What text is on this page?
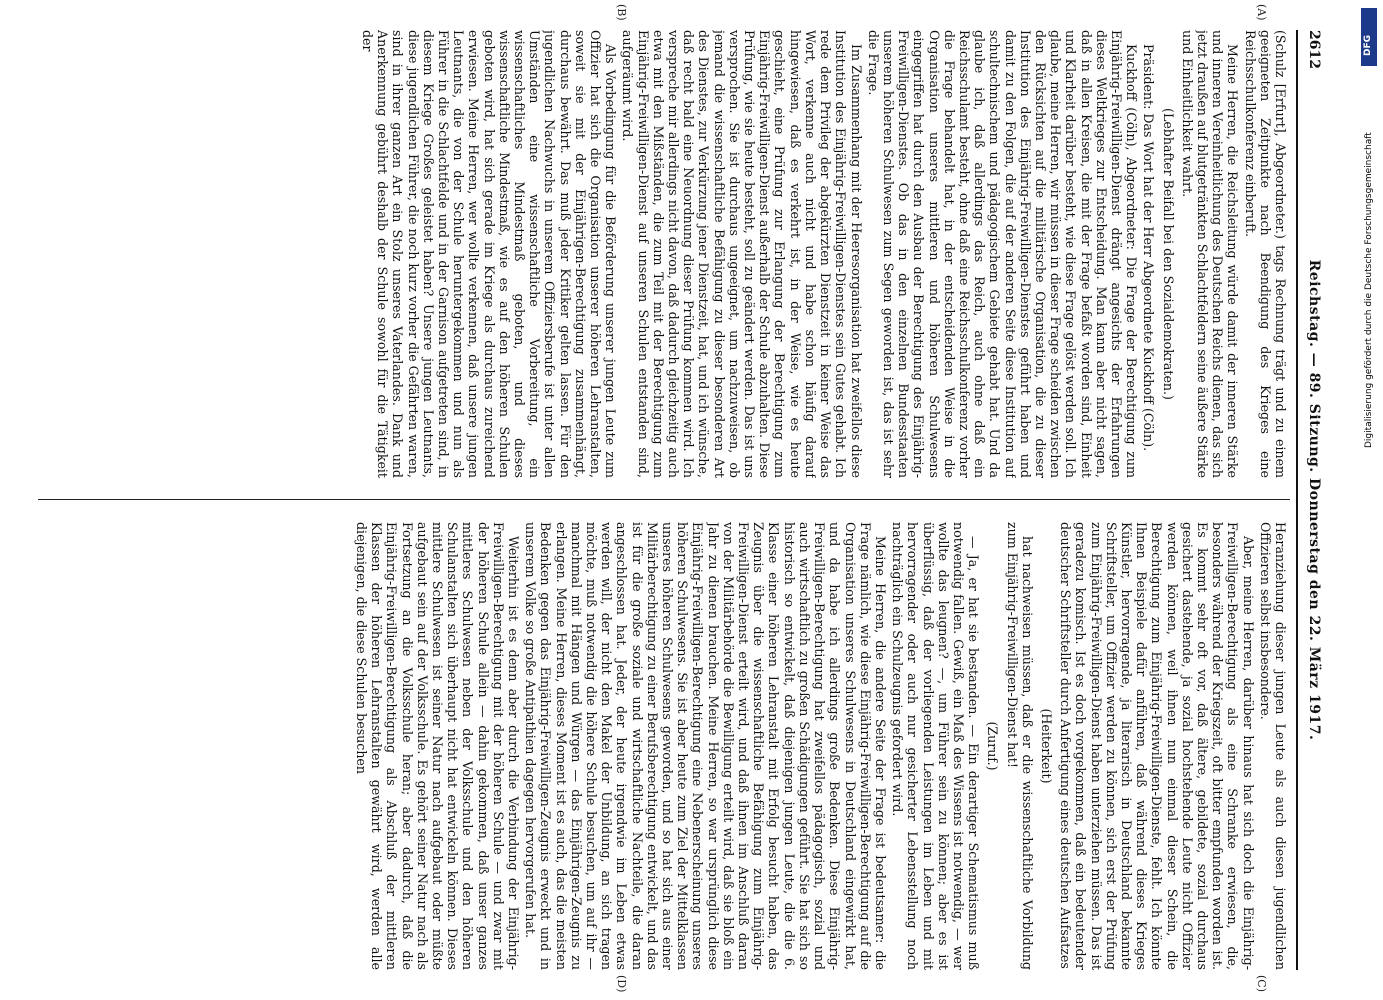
2612
Reichstag. — 89. Sitzung. Donnerstag den 22. März 1917.
(A)
(B)
(C)
(D)

(Schulz [Erfurt], Abgeordneter.) tags Rechnung trägt und zu einem geeigneten Zeitpunkte nach Beendigung des Krieges eine Reichsschulkonferenz einberuft.

Meine Herren, die Reichsleitung würde damit der inneren Stärke und inneren Vereinheitlichung des Deutschen Reichs dienen, das sich jetzt draußen auf blutgetränkten Schlachtfeldern seine äußere Stärke und Einheitlichkeit wahrt.

(Lebhafter Beifall bei den Sozialdemokraten.)

Präsident: Das Wort hat der Herr Abgeordnete Kuckhoff (Cöln).

Kuckhoff (Cöln), Abgeordneter: Die Frage der Berechtigung zum Einjährig-Freiwilligen-Dienst drängt angesichts der Erfahrungen dieses Weltkrieges zur Entscheidung. Man kann aber nicht sagen, daß in allen Kreisen, die mit der Frage befaßt worden sind, Einheit und Klarheit darüber besteht, wie diese Frage gelöst werden soll. Ich glaube, meine Herren, wir müssen in dieser Frage scheiden zwischen den Rücksichten auf die militärische Organisation, die zu dieser Institution des Einjährig-Freiwilligen-Dienstes geführt haben und damit zu den Folgen, die auf der anderen Seite diese Institution auf schultechnischem und pädagogischem Gebiete gehabt hat. Und da glaube ich, daß allerdings das Reich, auch ohne daß ein Reichsschulamt besteht, ohne daß eine Reichsschulkonferenz vorher die Frage behandelt hat, in der entscheidenden Weise in die Organisation unseres mittleren und höheren Schulwesens eingegriffen hat durch den Ausbau der Berechtigung des Einjährig-Freiwilligen-Dienstes. Ob das in den einzelnen Bundesstaaten unserem höheren Schulwesen zum Segen geworden ist, das ist sehr die Frage.

Im Zusammenhang mit der Heeresorganisation hat zweifellos diese Institution des Einjährig-Freiwilligen-Dienstes sein Gutes gehabt. Ich rede dem Privileg der abgekürzten Dienstzeit in keiner Weise das Wort, verkenne auch nicht und habe schon häufig darauf hingewiesen, daß es verkehrt ist, in der Weise, wie es heute geschieht, eine Prüfung zur Erlangung der Berechtigung zum Einjährig-Freiwilligen-Dienst außerhalb der Schule abzuhalten. Diese Prüfung, wie sie heute besteht, soll zu geändert werden. Das ist uns versprochen. Sie ist durchaus ungeeignet, um nachzuweisen, ob jemand die wissenschaftliche Befähigung zu dieser besonderen Art des Dienstes, zur Verkürzung jener Dienstzeit, hat, und ich wünsche, daß recht bald eine Neuordnung dieser Prüfung kommen wird. Ich verspreche mir allerdings nicht davon, daß dadurch gleichzeitig auch etwa mit den Mißständen, die zum Teil mit der Berechtigung zum Einjährig-Freiwilligen-Dienst auf unseren Schulen entstanden sind, aufgeräumt wird.

Als Vorbedingung für die Beförderung unserer jungen Leute zum Offizier hat sich die Organisation unserer höheren Lehranstalten, soweit sie mit der Einjährigen-Berechtigung zusammenhängt, durchaus bewährt. Das muß jeder Kritiker gelten lassen. Für den jugendlichen Nachwuchs in unserem Offiziersberufe ist unter allen Umständen eine wissenschaftliche Vorbereitung, ein wissenschaftliches Mindestmaß geboten, und dieses wissenschaftliche Mindestmaß, wie es auf den höheren Schulen geboten wird, hat sich gerade im Kriege als durchaus zureichend erwiesen. Meine Herren, wer wollte verkennen, daß unsere jungen Leutnants, die von der Schule heruntergekommen und nun als Führer in die Schlachtfelde und in der Garnison aufgetreten sind, in diesem Kriege Großes geleistet haben? Unsere jungen Leutnants, diese jugendlichen Führer, die noch kurz vorher die Gefährten waren, sind in ihrer ganzen Art ein Stolz unseres Vaterlandes. Dank und Anerkennung gebührt deshalb der Schule sowohl für die Tätigkeit der

Heranziehung dieser jungen Leute als auch diesen jugendlichen Offizieren selbst insbesondere.

Aber, meine Herren, darüber hinaus hat sich doch die Einjährig-Freiwilligen-Berechtigung als eine Schranke erwiesen, die, besonders während der Kriegszeit, oft bitter empfunden worden ist. Es kommt sehr oft vor, daß ältere, gebildete, sozial durchaus gesichert dastehende, ja sozial hochstehende Leute nicht Offizier werden können, weil ihnen nun einmal dieser Schein, die Berechtigung zum Einjährig-Freiwilligen-Dienste, fehlt. Ich könnte Ihnen Beispiele dafür anführen, daß während dieses Krieges Künstler, hervorragende, ja literarisch in Deutschland bekannte Schriftsteller, um Offizier werden zu können, sich erst der Prüfung zum Einjährig-Freiwilligen-Dienst haben unterziehen müssen. Das ist geradezu komisch. Ist es doch vorgekommen, daß ein bedeutender deutscher Schriftsteller durch Anfertigung eines deutschen Aufsatzes

(Heiterkeit)

hat nachweisen müssen, daß er die wissenschaftliche Vorbildung zum Einjährig-Freiwilligen-Dienst hat!

(Zuruf.)

— Ja, er hat sie bestanden. — Ein derartiger Schematismus muß notwendig fallen. Gewiß, ein Maß des Wissens ist notwendig, — wer wollte das leugnen? —, um Führer sein zu können; aber es ist überflüssig, daß der vorliegenden Leistungen im Leben und mit hervorragender oder auch nur gesicherter Lebensstellung noch nachträglich ein Schulzeugnis gefordert wird.

Meine Herren, die andere Seite der Frage ist bedeutsamer: die Frage nämlich, wie diese Einjährig-Freiwilligen-Berechtigung auf die Organisation unseres Schulwesens in Deutschland eingewirkt hat, und da habe ich allerdings große Bedenken. Diese Einjährig-Freiwilligen-Berechtigung hat zweifellos pädagogisch, sozial und auch wirtschaftlich zu großen Schädigungen geführt. Sie hat sich so historisch so entwickelt, daß diejenigen jungen Leute, die die 6. Klasse einer höheren Lehranstalt mit Erfolg besucht haben, das Zeugnis über die wissenschaftliche Befähigung zum Einjährig-Freiwilligen-Dienst erteilt wird, und daß ihnen im Anschluß daran von der Militärbehörde die Bewilligung erteilt wird, daß sie bloß ein Jahr zu dienen brauchen. Meine Herren, so war ursprünglich diese Einjährig-Freiwilligen-Berechtigung eine Nebenerscheinung unseres höheren Schulwesens. Sie ist aber heute zum Ziel der Mittelklassen unseres höheren Schulwesens geworden, und so hat sich aus einer Militärberechtigung zu einer Berufsberechtigung entwickelt, und das ist für die große soziale und wirtschaftliche Nachteile, die daran angeschlossen hat. Jeder, der heute irgendwie im Leben etwas werden will, der nicht den Makel der Unbildung, an sich tragen möchte, muß notwendig die höhere Schule besuchen, um auf ihr — manchmal mit Hängen und Würgen — das Einjährigen-Zeugnis zu erlangen. Meine Herren, dieses Moment ist es auch, das die meisten Bedenken gegen das Einjährig-Freiwilligen-Zeugnis erweckt und in unserem Volke so große Antipathien dagegen hervorgerufen hat.

Weiterhin ist es denn aber durch die Verbindung der Einjährig-Freiwilligen-Berechtigung mit der höheren Schule — und zwar mit der höheren Schule allein — dahin gekommen, daß unser ganzes mittleres Schulwesen neben der Volksschule und den höheren Schulanstalten sich überhaupt nicht hat entwickeln können. Dieses mittlere Schulwesen ist seiner Natur nach aufgebaut oder müßte aufgebaut sein auf der Volksschule. Es gehört seiner Natur nach als Fortsetzung an die Volksschule heran; aber dadurch, daß die Einjährig-Freiwilligen-Berechtigung als Abschluß der mittleren Klassen der höheren Lehranstalten gewährt wird, werden alle diejenigen, die diese Schulen besuchen

DFG
Digitalisierung gefördert durch die Deutsche Forschungsgemeinschaft
